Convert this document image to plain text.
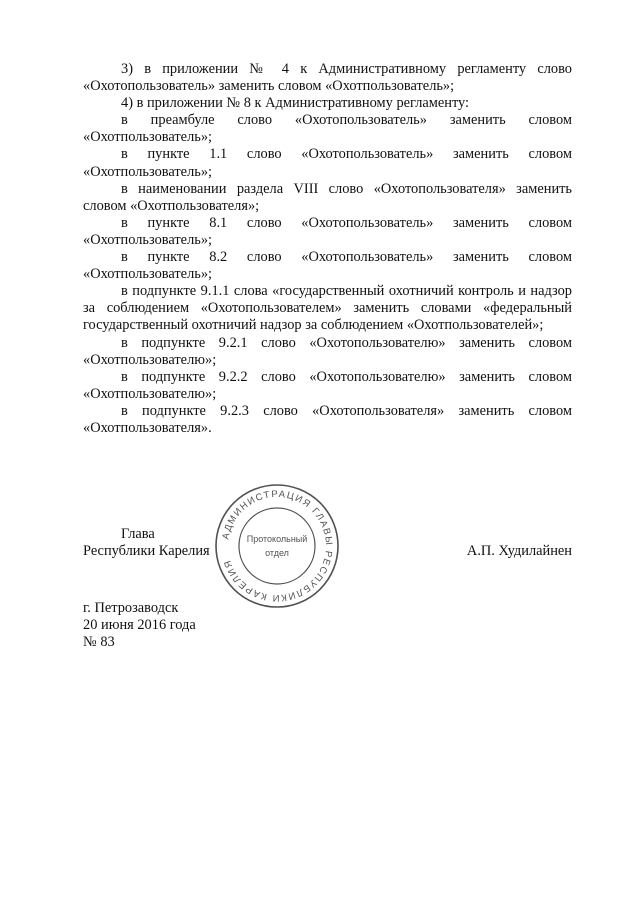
3) в приложении № 4 к Административному регламенту слово «Охотопользователь» заменить словом «Охотпользователь»;

4) в приложении № 8 к Административному регламенту:

в преамбуле слово «Охотопользователь» заменить словом «Охотпользователь»;

в пункте 1.1 слово «Охотопользователь» заменить словом «Охотпользователь»;

в наименовании раздела VIII слово «Охотопользователя» заменить словом «Охотпользователя»;

в пункте 8.1 слово «Охотопользователь» заменить словом «Охотпользователь»;

в пункте 8.2 слово «Охотопользователь» заменить словом «Охотпользователь»;

в подпункте 9.1.1 слова «государственный охотничий контроль и надзор за соблюдением «Охотопользователем» заменить словами «федеральный государственный охотничий надзор за соблюдением «Охотпользователей»;

в подпункте 9.2.1 слово «Охотопользователю» заменить словом «Охотпользователю»;

в подпункте 9.2.2 слово «Охотопользователю» заменить словом «Охотпользователю»;

в подпункте 9.2.3 слово «Охотопользователя» заменить словом «Охотпользователя».

Глава
Республики Карелия	А.П. Худилайнен
АДМИНИСТРАЦИЯ ГЛАВЫ РЕСПУБЛИКИ КАРЕЛИЯ
Протокольный
отдел
г. Петрозаводск
20 июня 2016 года
№ 83
